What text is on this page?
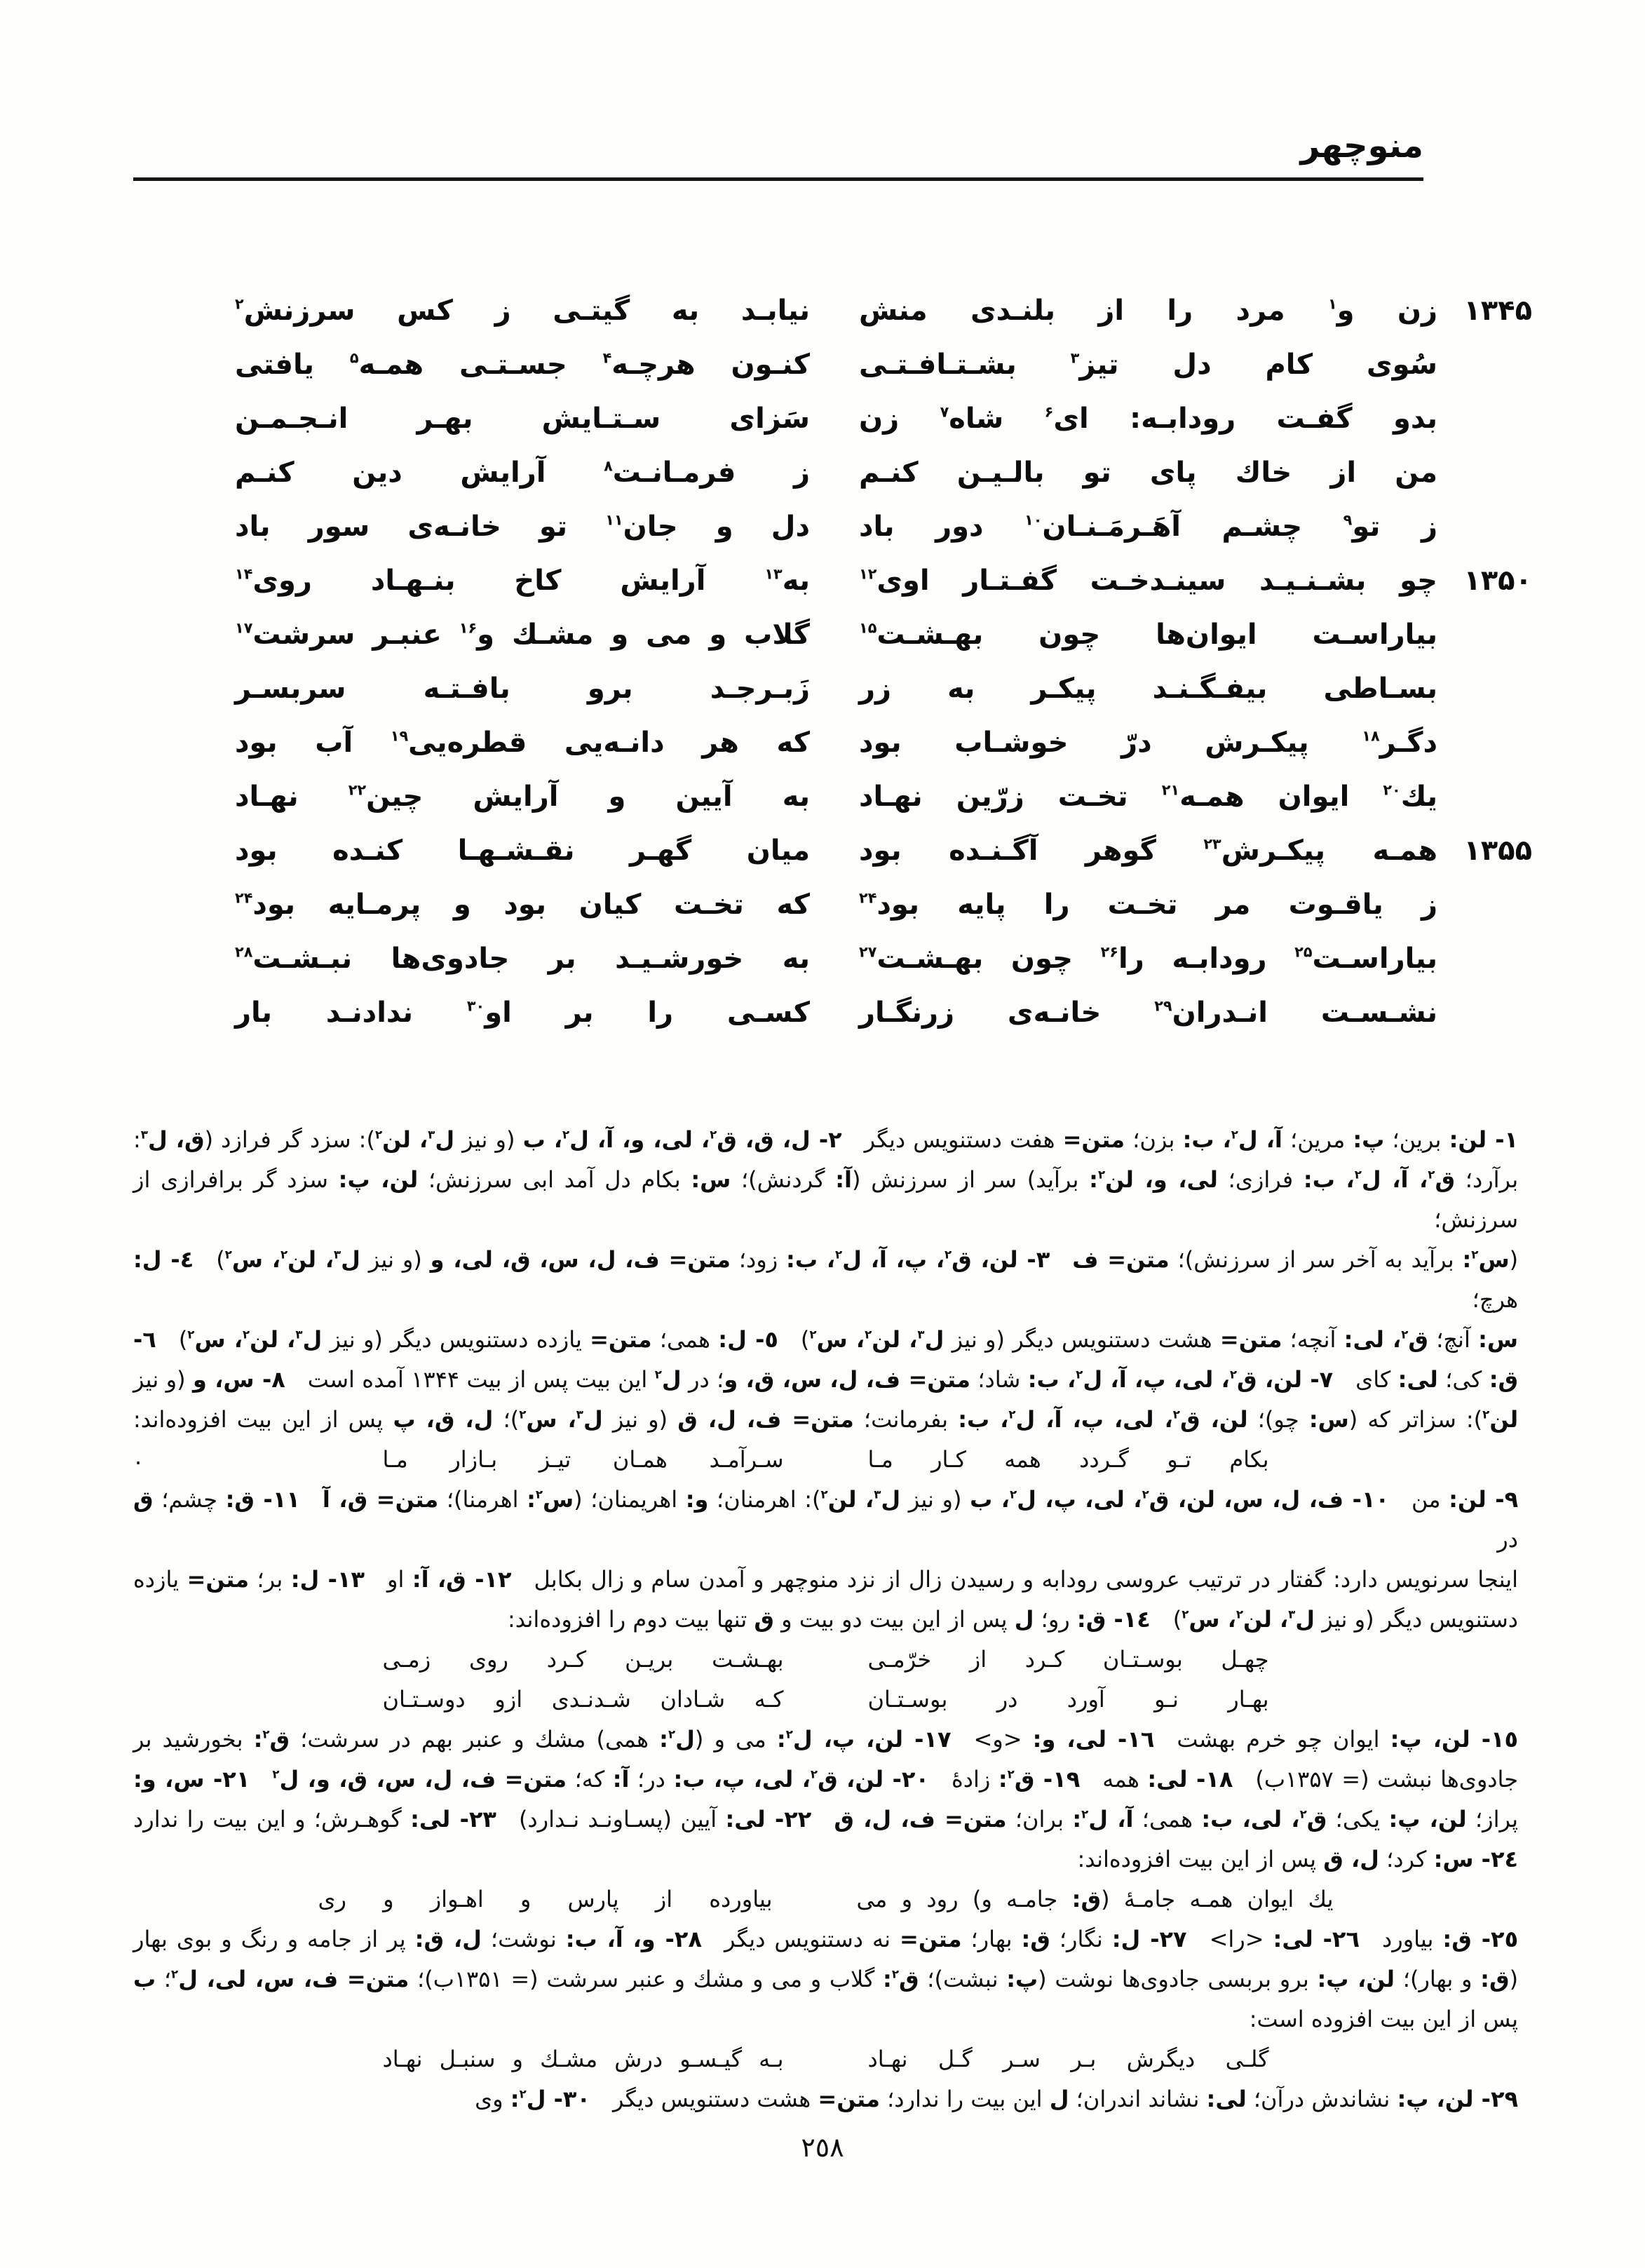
منوچهر
۱۳۴۵
زن و$^۱$ مرد را از بلنـدی منش
نیابـد به گیتـی ز کس سرزنش$^۲$
سُوی کام دل تیز$^۳$ بشـتـافـتـی
کنـون هرچـه$^۴$ جسـتـی همـه$^۵$ یافتی
بدو گفـت رودابـه: ای$^۶$ شاه$^۷$ زن
سَزای سـتـایش بهـر انـجـمـن
من از خاك پای تو بالـیـن کنـم
ز فرمـانـت$^۸$ آرایش دین کنـم
ز تو$^۹$ چشـم آهَـرمَـنـان$^{۱۰}$ دور باد
دل و جان$^{۱۱}$ تو خانـه‌ی سور باد
۱۳۵۰
چو بشـنـیـد سینـدخـت گفـتـار اوی$^{۱۲}$
به$^{۱۳}$ آرایش کاخ بنـهـاد روی$^{۱۴}$
بیاراسـت ایوان‌ها چون بهـشـت$^{۱۵}$
گلاب و می و مشـك و$^{۱۶}$ عنبـر سرشت$^{۱۷}$
بسـاطی بیفـگـنـد پیکـر به زر
زَبـرجـد برو بافـتـه سربسـر
دگـر$^{۱۸}$ پیکـرش درّ خوشـاب بود
که هر دانـه‌یی قطره‌یی$^{۱۹}$ آب بود
یك$^{۲۰}$ ایوان همـه$^{۲۱}$ تخـت زرّین نهـاد
به آیین و آرایش چین$^{۲۲}$ نهـاد
۱۳۵۵
همـه پیکـرش$^{۲۳}$ گوهر آگـنـده بود
میان گهـر نقـشـهـا کنـده بود
ز یاقـوت مر تخـت را پایه بود$^{۲۴}$
که تخـت کیان بود و پرمـایه بود$^{۲۴}$
بیاراسـت$^{۲۵}$ رودابـه را$^{۲۶}$ چون بهـشـت$^{۲۷}$
به خورشـیـد بر جادوی‌ها نبـشـت$^{۲۸}$
نشـسـت انـدران$^{۲۹}$ خانـه‌ی زرنگـار
کسـی را بر او$^{۳۰}$ ندادنـد بار
١- لن: برین؛ پ: مرین؛ آ، ل$^۲$، ب: بزن؛ متن= هفت دستنویس دیگر ٢- ل، ق، ق$^۲$، لی، و، آ، ل$^۲$، ب (و نیز ل$^۳$، لن$^۲$): سزد گر فرازد (ق، ل$^۳$:
برآرد؛ ق$^۲$، آ، ل$^۲$، ب: فرازی؛ لی، و، لن$^۲$: برآید) سر از سرزنش (آ: گردنش)؛ س: بکام دل آمد ابی سرزنش؛ لن، پ: سزد گر برافرازی از سرزنش؛
(س$^۲$: برآید به آخر سر از سرزنش)؛ متن= ف ٣- لن، ق$^۲$، پ، آ، ل$^۲$، ب: زود؛ متن= ف، ل، س، ق، لی، و (و نیز ل$^۳$، لن$^۲$، س$^۲$) ٤- ل: هرچ؛
س: آنچ؛ ق$^۲$، لی: آنچه؛ متن= هشت دستنویس دیگر (و نیز ل$^۳$، لن$^۲$، س$^۲$) ٥- ل: همی؛ متن= یازده دستنویس دیگر (و نیز ل$^۳$، لن$^۲$، س$^۲$) ٦-
ق: کی؛ لی: کای ٧- لن، ق$^۲$، لی، پ، آ، ل$^۲$، ب: شاد؛ متن= ف، ل، س، ق، و؛ در ل$^۲$ این بیت پس از بیت ۱۳۴۴ آمده است ٨- س، و (و نیز
لن$^۲$): سزاتر که (س: چو)؛ لن، ق$^۲$، لی، پ، آ، ل$^۲$، ب: بفرمانت؛ متن= ف، ل، ق (و نیز ل$^۳$، س$^۲$)؛ ل، ق، پ پس از این بیت افزوده‌اند:
بکام تـو گـردد همه کـار مـا
سـرآمـد همـان تیـز بـازار مـا
.
٩- لن: من ١٠- ف، ل، س، لن، ق$^۲$، لی، پ، ل$^۲$، ب (و نیز ل$^۳$، لن$^۲$): اهرمنان؛ و: اهریمنان؛ (س$^۲$: اهرمنا)؛ متن= ق، آ ١١- ق: چشم؛ ق در
اینجا سرنویس دارد: گفتار در ترتیب عروسی رودابه و رسیدن زال از نزد منوچهر و آمدن سام و زال بکابل ١٢- ق، آ: او ١٣- ل: بر؛ متن= یازده
دستنویس دیگر (و نیز ل$^۳$، لن$^۲$، س$^۲$) ١٤- ق: رو؛ ل پس از این بیت دو بیت و ق تنها بیت دوم را افزوده‌اند:
چهـل بوسـتـان کـرد از خرّمـی
بهـشـت بریـن کـرد روی زمـی
بهـار نـو آورد در بوسـتـان
کـه شـادان شـدنـدی ازو دوسـتـان
١٥- لن، پ: ایوان چو خرم بهشت ١٦- لی، و: <و> ١٧- لن، پ، ل$^۲$: می و (ل$^۲$: همی) مشك و عنبر بهم در سرشت؛ ق$^۲$: بخورشید بر
جادوی‌ها نبشت (= ۱۳۵۷ب) ١٨- لی: همه ١٩- ق$^۲$: زادهٔ ٢٠- لن، ق$^۲$، لی، پ، ب: در؛ آ: که؛ متن= ف، ل، س، ق، و، ل$^۲$ ٢١- س، و:
پراز؛ لن، پ: یکی؛ ق$^۲$، لی، ب: همی؛ آ، ل$^۲$: بران؛ متن= ف، ل، ق ٢٢- لی: آیین (پسـاونـد نـدارد) ٢٣- لی: گوهـرش؛ و این بیت را ندارد
٢٤- س: کرد؛ ل، ق پس از این بیت افزوده‌اند:
یك ایوان همـه جامـهٔ (ق: جامـه و) رود و می
بیاورده از پارس و اهـواز و ری
٢٥- ق: بیاورد ٢٦- لی: <را> ٢٧- ل: نگار؛ ق: بهار؛ متن= نه دستنویس دیگر ٢٨- و، آ، ب: نوشت؛ ل، ق: پر از جامه و رنگ و بوی بهار
(ق: و بهار)؛ لن، پ: برو بربسی جادوی‌ها نوشت (پ: نبشت)؛ ق$^۲$: گلاب و می و مشك و عنبر سرشت (= ۱۳۵۱ب)؛ متن= ف، س، لی، ل$^۲$؛ ب
پس از این بیت افزوده است:
گلـی دیگرش بـر سـر گـل نهـاد
بـه گیـسـو درش مشـك و سنبـل نهـاد
٢٩- لن، پ: نشاندش درآن؛ لی: نشاند اندران؛ ل این بیت را ندارد؛ متن= هشت دستنویس دیگر ٣٠- ل$^۲$: وی
٢٥٨
